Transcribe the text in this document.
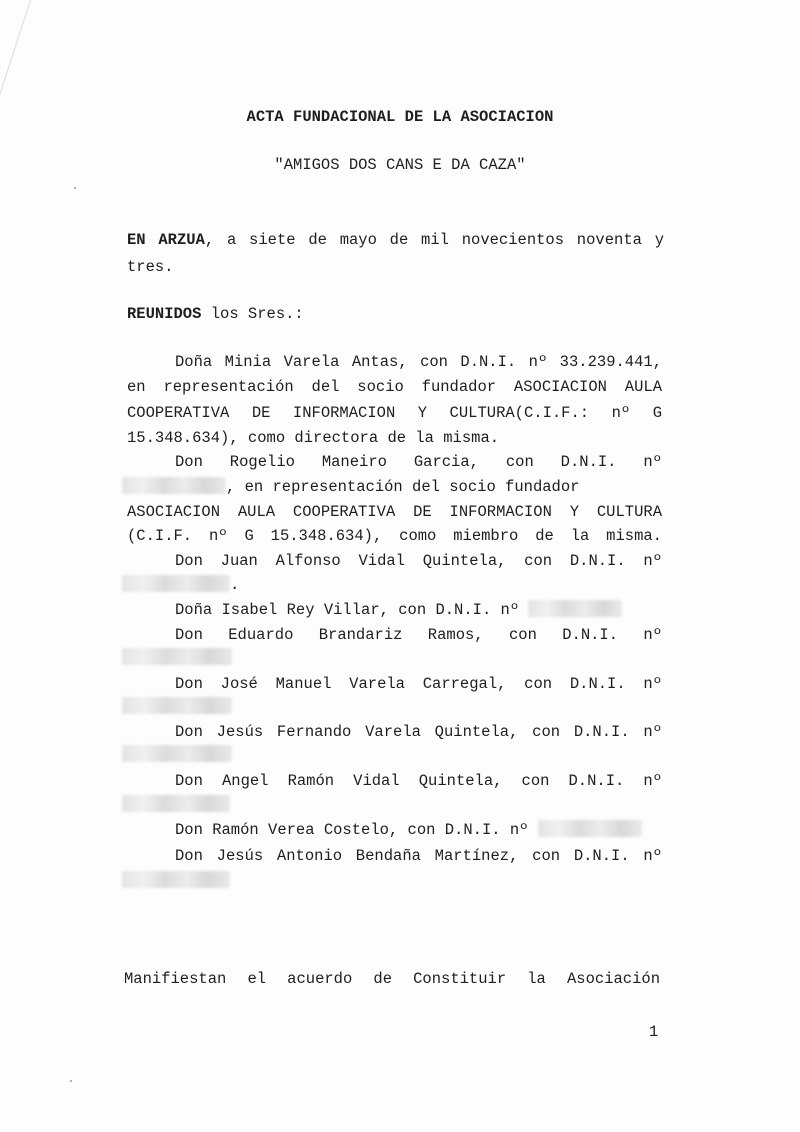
ACTA FUNDACIONAL DE LA ASOCIACION
"AMIGOS DOS CANS E DA CAZA"
EN ARZUA, a siete de mayo de mil novecientos noventa y
tres.
REUNIDOS los Sres.:
Doña Minia Varela Antas, con D.N.I. nº 33.239.441,
en representación del socio fundador ASOCIACION AULA
COOPERATIVA DE INFORMACION Y CULTURA(C.I.F.: nº G
15.348.634), como directora de la misma.
Don Rogelio Maneiro Garcia, con D.N.I. nº
, en representación del socio fundador
ASOCIACION AULA COOPERATIVA DE INFORMACION Y CULTURA
(C.I.F. nº G 15.348.634), como miembro de la misma.
Don Juan Alfonso Vidal Quintela, con D.N.I. nº
.
Doña Isabel Rey Villar, con D.N.I. nº
Don Eduardo Brandariz Ramos, con D.N.I. nº
Don José Manuel Varela Carregal, con D.N.I. nº
Don Jesús Fernando Varela Quintela, con D.N.I. nº
Don Angel Ramón Vidal Quintela, con D.N.I. nº
Don Ramón Verea Costelo, con D.N.I. nº
Don Jesús Antonio Bendaña Martínez, con D.N.I. nº
Manifiestan el acuerdo de Constituir la Asociación
1
